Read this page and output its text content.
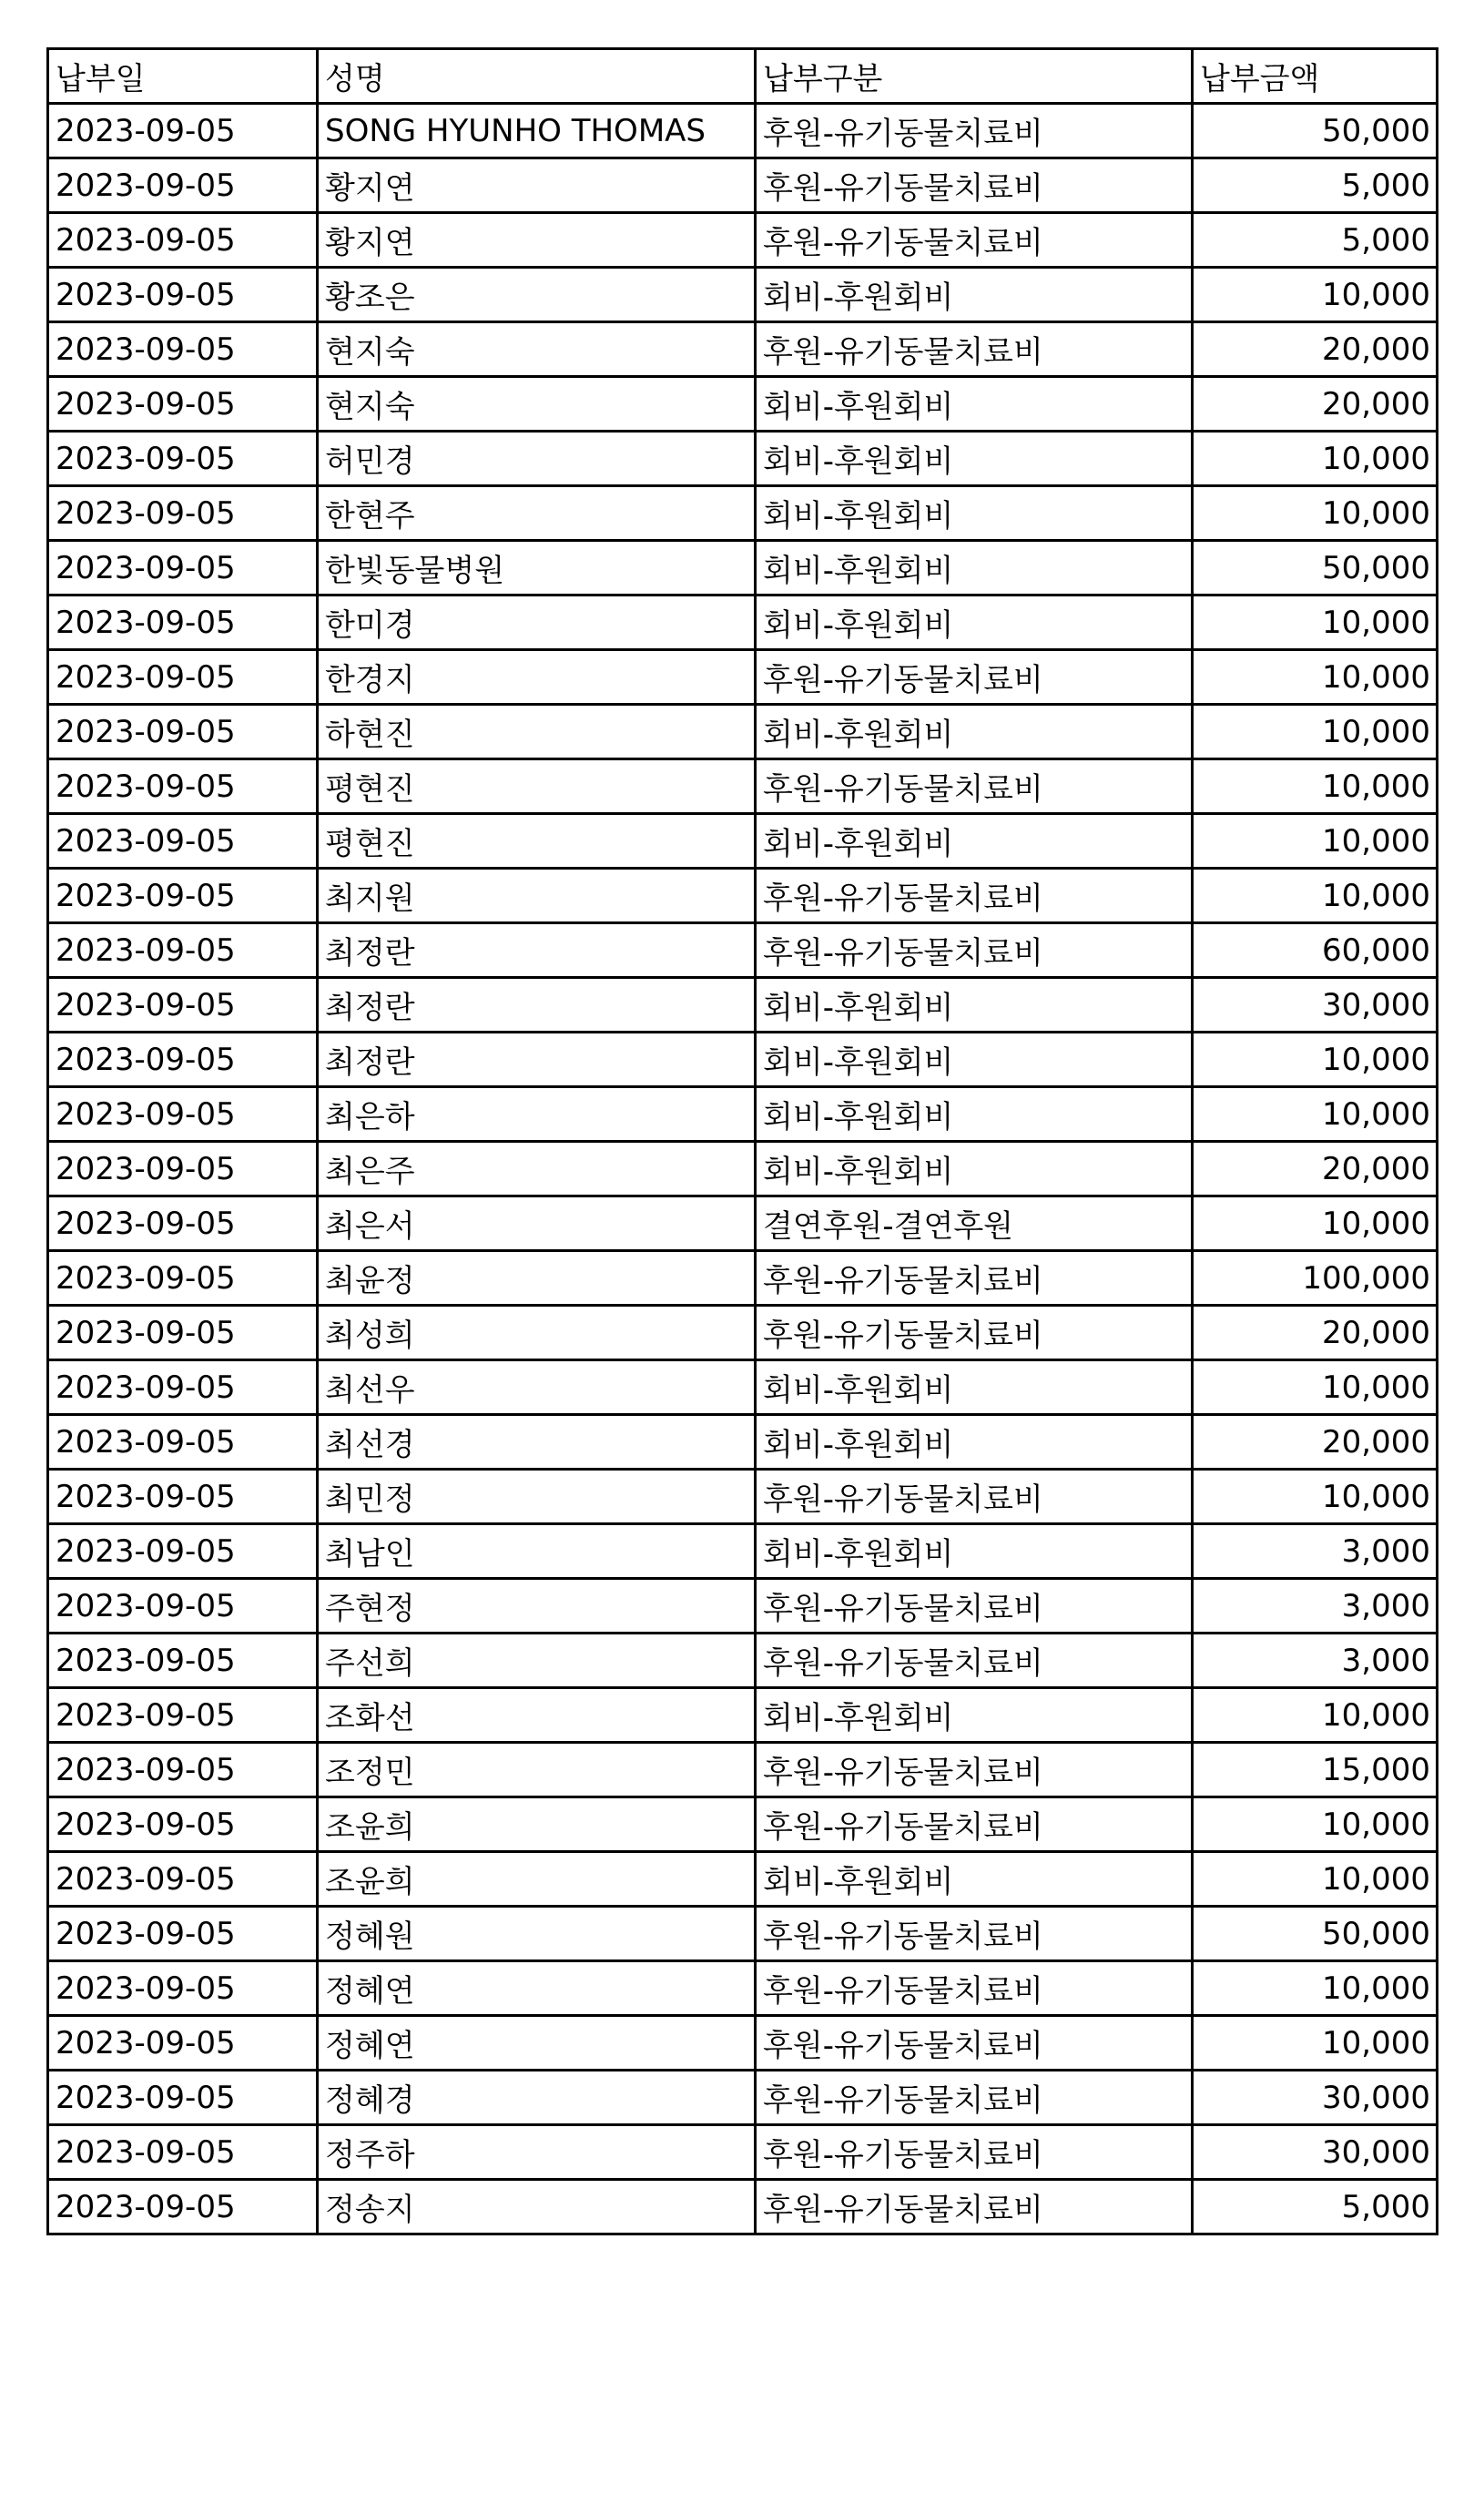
납부일	성명	납부구분	납부금액
2023-09-05	SONG HYUNHO THOMAS	후원-유기동물치료비	50,000
2023-09-05	황지연	후원-유기동물치료비	5,000
2023-09-05	황지연	후원-유기동물치료비	5,000
2023-09-05	황조은	회비-후원회비	10,000
2023-09-05	현지숙	후원-유기동물치료비	20,000
2023-09-05	현지숙	회비-후원회비	20,000
2023-09-05	허민경	회비-후원회비	10,000
2023-09-05	한현주	회비-후원회비	10,000
2023-09-05	한빛동물병원	회비-후원회비	50,000
2023-09-05	한미경	회비-후원회비	10,000
2023-09-05	한경지	후원-유기동물치료비	10,000
2023-09-05	하현진	회비-후원회비	10,000
2023-09-05	평현진	후원-유기동물치료비	10,000
2023-09-05	평현진	회비-후원회비	10,000
2023-09-05	최지원	후원-유기동물치료비	10,000
2023-09-05	최정란	후원-유기동물치료비	60,000
2023-09-05	최정란	회비-후원회비	30,000
2023-09-05	최정란	회비-후원회비	10,000
2023-09-05	최은하	회비-후원회비	10,000
2023-09-05	최은주	회비-후원회비	20,000
2023-09-05	최은서	결연후원-결연후원	10,000
2023-09-05	최윤정	후원-유기동물치료비	100,000
2023-09-05	최성희	후원-유기동물치료비	20,000
2023-09-05	최선우	회비-후원회비	10,000
2023-09-05	최선경	회비-후원회비	20,000
2023-09-05	최민정	후원-유기동물치료비	10,000
2023-09-05	최남인	회비-후원회비	3,000
2023-09-05	주현정	후원-유기동물치료비	3,000
2023-09-05	주선희	후원-유기동물치료비	3,000
2023-09-05	조화선	회비-후원회비	10,000
2023-09-05	조정민	후원-유기동물치료비	15,000
2023-09-05	조윤희	후원-유기동물치료비	10,000
2023-09-05	조윤희	회비-후원회비	10,000
2023-09-05	정혜원	후원-유기동물치료비	50,000
2023-09-05	정혜연	후원-유기동물치료비	10,000
2023-09-05	정혜연	후원-유기동물치료비	10,000
2023-09-05	정혜경	후원-유기동물치료비	30,000
2023-09-05	정주하	후원-유기동물치료비	30,000
2023-09-05	정송지	후원-유기동물치료비	5,000
